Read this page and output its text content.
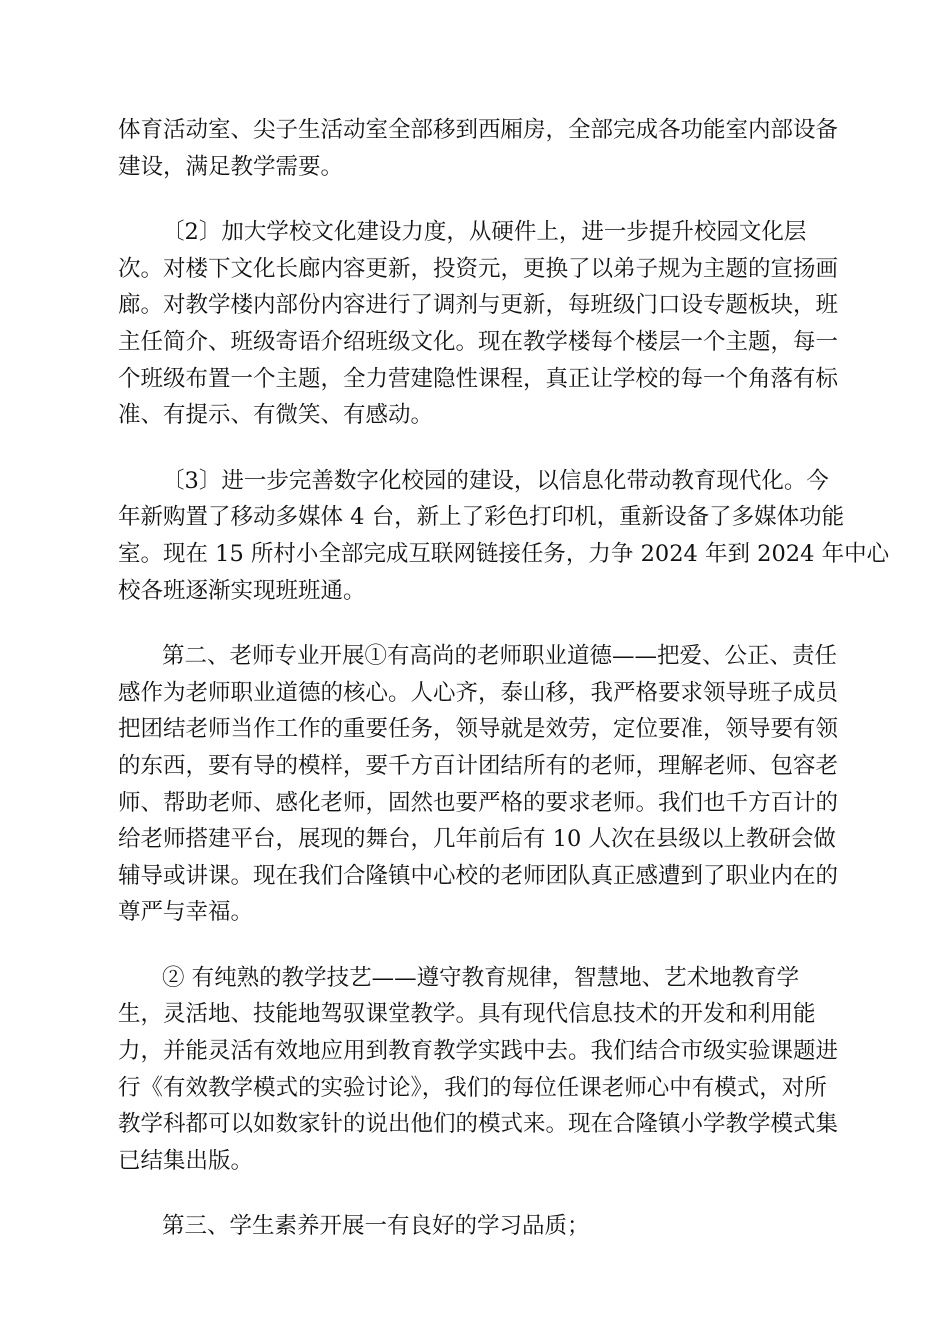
体育活动室、尖子生活动室全部移到西厢房，全部完成各功能室内部设备
建设，满足教学需要。

〔2〕加大学校文化建设力度，从硬件上，进一步提升校园文化层
次。对楼下文化长廊内容更新，投资元，更换了以弟子规为主题的宣扬画
廊。对教学楼内部份内容进行了调剂与更新，每班级门口设专题板块，班
主任简介、班级寄语介绍班级文化。现在教学楼每个楼层一个主题，每一
个班级布置一个主题，全力营建隐性课程，真正让学校的每一个角落有标
准、有提示、有微笑、有感动。

〔3〕进一步完善数字化校园的建设，以信息化带动教育现代化。今
年新购置了移动多媒体 4 台，新上了彩色打印机，重新设备了多媒体功能
室。现在 15 所村小全部完成互联网链接任务，力争 2024 年到 2024 年中心
校各班逐渐实现班班通。

第二、老师专业开展①有高尚的老师职业道德——把爱、公正、责任
感作为老师职业道德的核心。人心齐，泰山移，我严格要求领导班子成员
把团结老师当作工作的重要任务，领导就是效劳，定位要准，领导要有领
的东西，要有导的模样，要千方百计团结所有的老师，理解老师、包容老
师、帮助老师、感化老师，固然也要严格的要求老师。我们也千方百计的
给老师搭建平台，展现的舞台，几年前后有 10 人次在县级以上教研会做
辅导或讲课。现在我们合隆镇中心校的老师团队真正感遭到了职业内在的
尊严与幸福。

② 有纯熟的教学技艺——遵守教育规律，智慧地、艺术地教育学
生，灵活地、技能地驾驭课堂教学。具有现代信息技术的开发和利用能
力，并能灵活有效地应用到教育教学实践中去。我们结合市级实验课题进
行《有效教学模式的实验讨论》，我们的每位任课老师心中有模式，对所
教学科都可以如数家针的说出他们的模式来。现在合隆镇小学教学模式集
已结集出版。

第三、学生素养开展一有良好的学习品质；
